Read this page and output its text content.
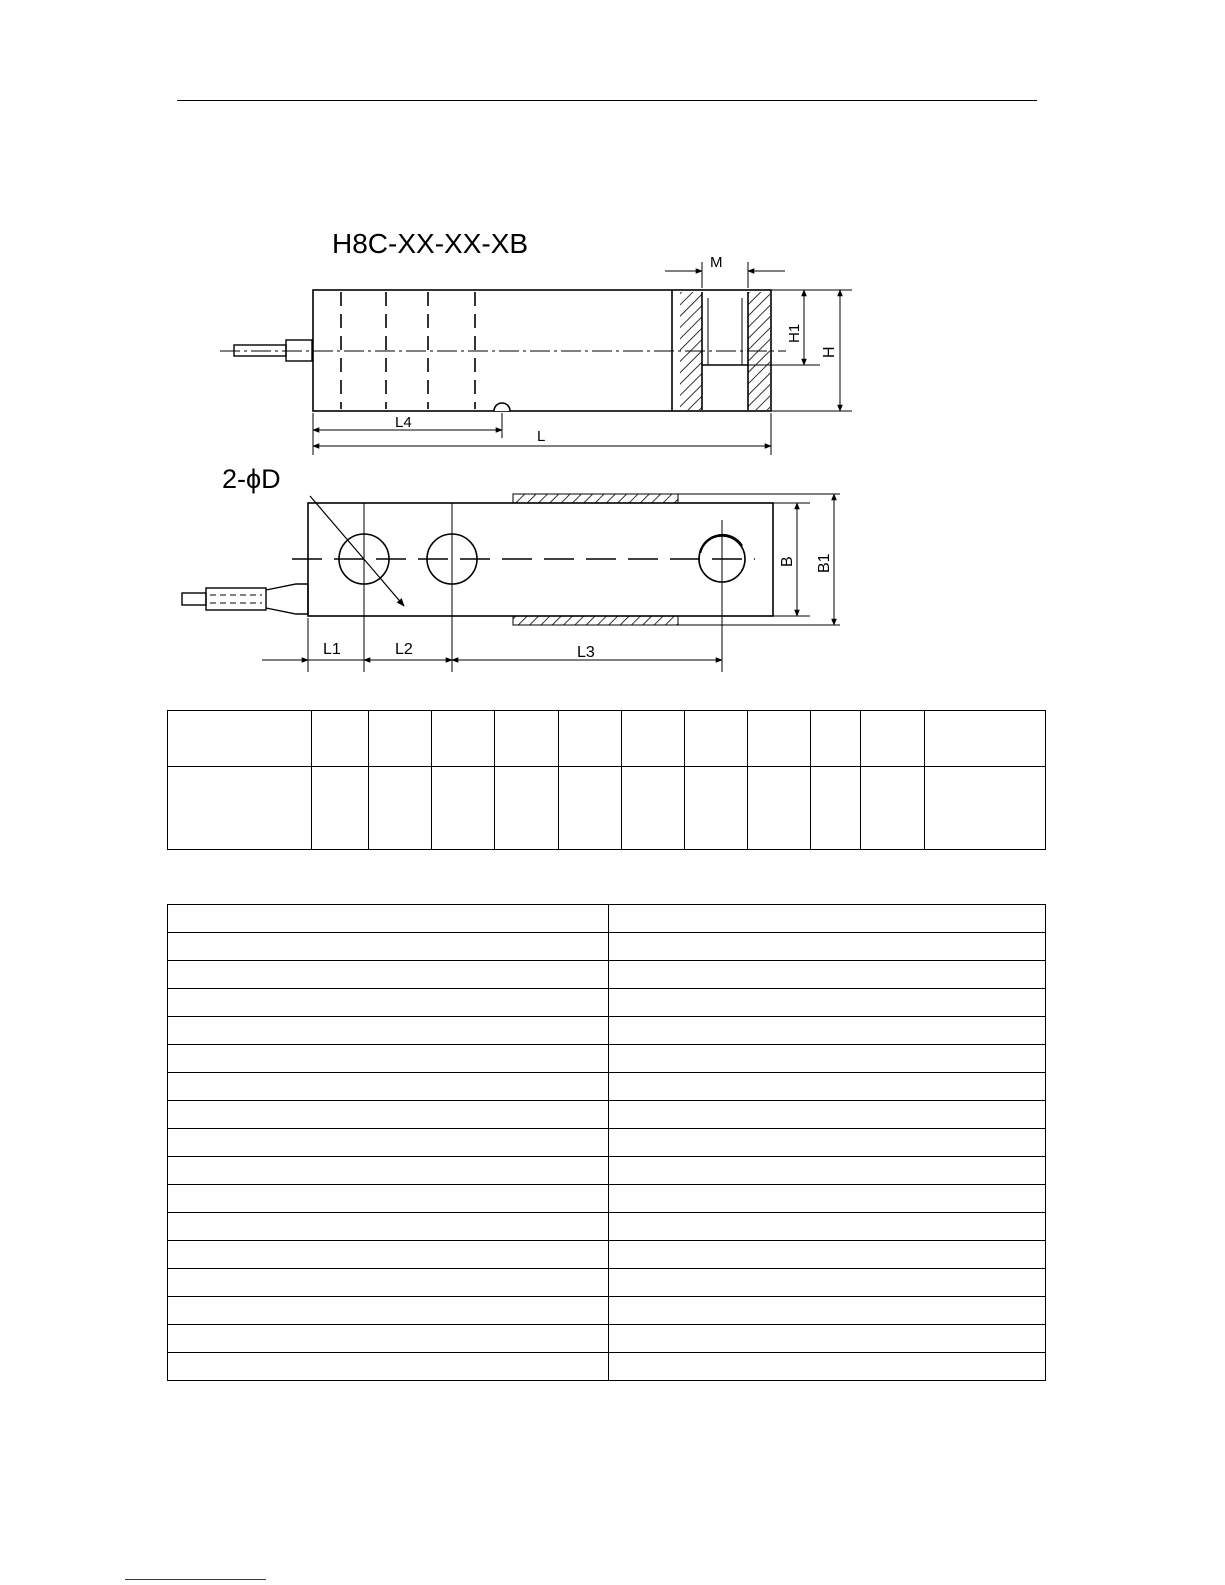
H8C-XX-XX-XB
M
H1
H
L4
L
2-ϕD
B B1
L1	L2	L3
